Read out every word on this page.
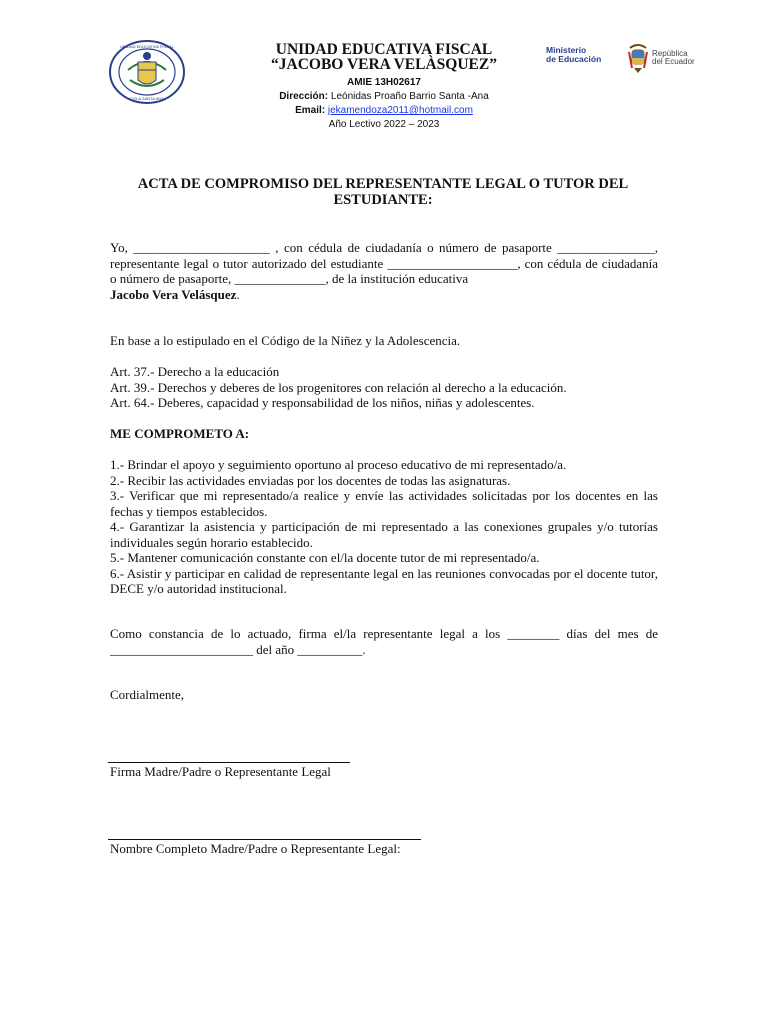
UNIDAD EDUCATIVA FISCAL
COLA SANTA ANA
UNIDAD EDUCATIVA FISCAL
“JACOBO VERA VELÀSQUEZ”
AMIE 13H02617
Dirección: Leónidas Proaño Barrio Santa -Ana
Email: jekamendoza2011@hotmail.com
Año Lectivo 2022 – 2023
Ministerio
de Educación
República
del Ecuador
ACTA DE COMPROMISO DEL REPRESENTANTE LEGAL O TUTOR DEL
ESTUDIANTE:
Yo, _____________________ , con cédula de ciudadanía o número de pasaporte _______________, representante legal o tutor autorizado del estudiante ____________________, con cédula de ciudadanía o número de pasaporte, ______________, de la institución educativa
Jacobo Vera Velásquez.
En base a lo estipulado en el Código de la Niñez y la Adolescencia.

Art. 37.- Derecho a la educación

Art. 39.- Derechos y deberes de los progenitores con relación al derecho a la educación.

Art. 64.- Deberes, capacidad y responsabilidad de los niños, niñas y adolescentes.

ME COMPROMETO A:

1.- Brindar el apoyo y seguimiento oportuno al proceso educativo de mi representado/a.

2.- Recibir las actividades enviadas por los docentes de todas las asignaturas.

3.- Verificar que mi representado/a realice y envíe las actividades solicitadas por los docentes en las fechas y tiempos establecidos.

4.- Garantizar la asistencia y participación de mi representado a las conexiones grupales y/o tutorías individuales según horario establecido.

5.- Mantener comunicación constante con el/la docente tutor de mi representado/a.

6.- Asistir y participar en calidad de representante legal en las reuniones convocadas por el docente tutor, DECE y/o autoridad institucional.

Como constancia de lo actuado, firma el/la representante legal a los ________ días del mes de ______________________ del año __________.
Cordialmente,
Firma Madre/Padre o Representante Legal
Nombre Completo Madre/Padre o Representante Legal:
